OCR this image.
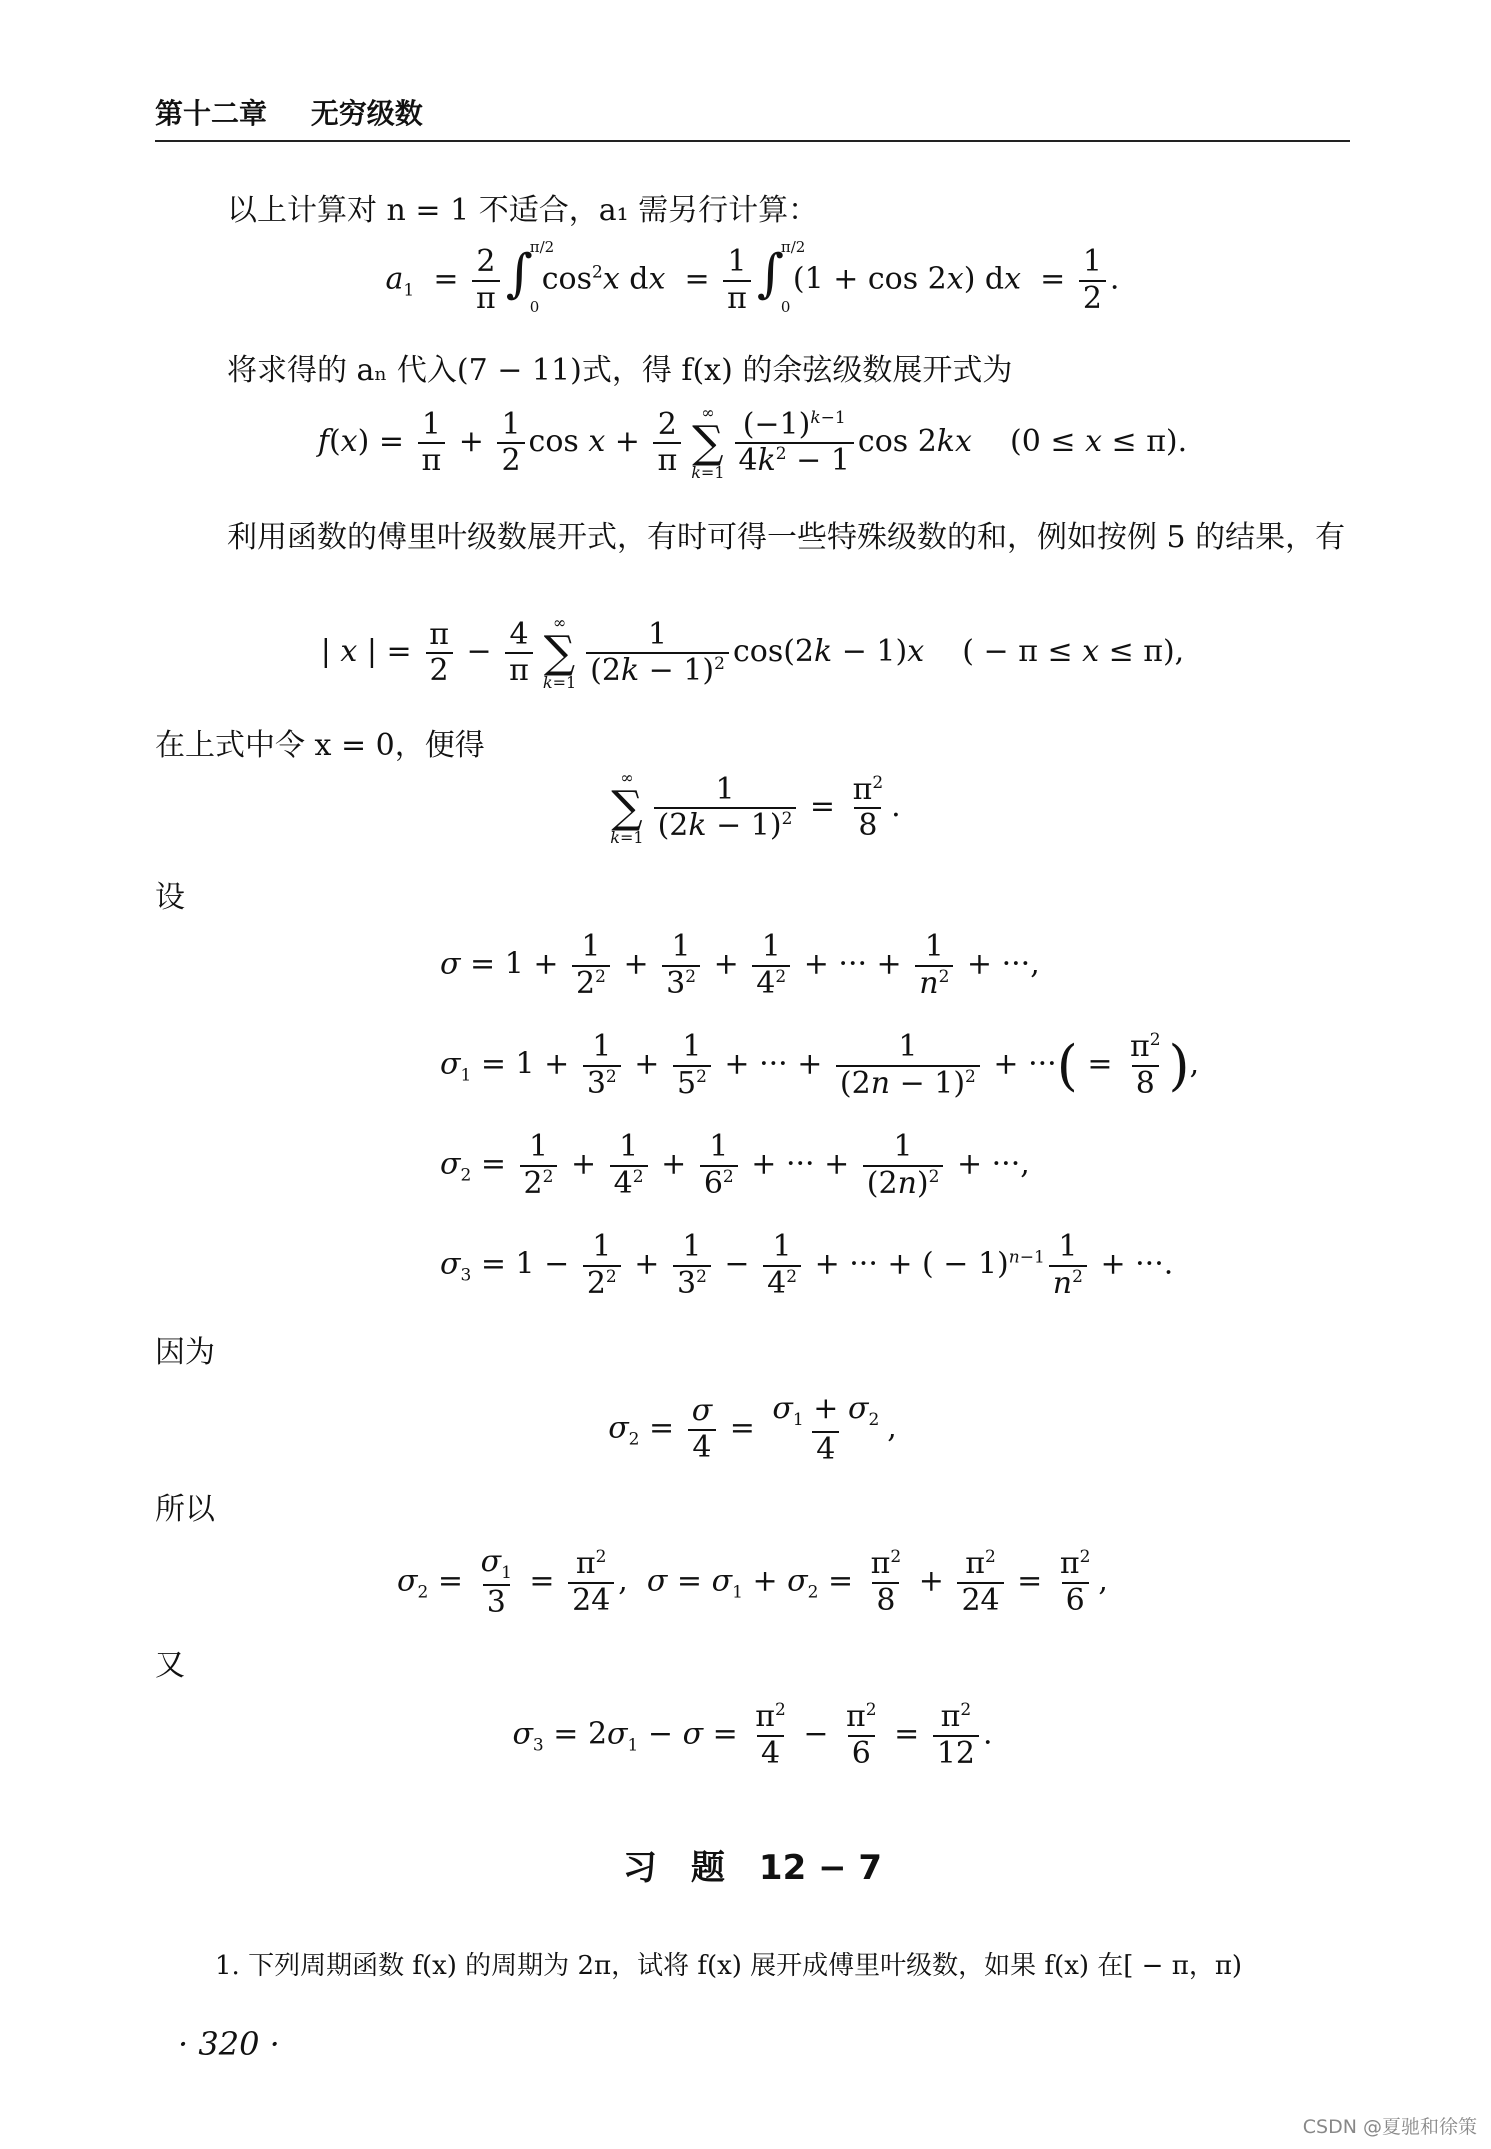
第十二章 无穷级数
以上计算对 n = 1 不适合，a₁ 需另行计算：
$a_1 = \frac{2}{\pi}$ ∫
π/2
0
$\cos^2x$ dx  = $\frac{1}{\pi}$ ∫
π/2
0
(1 + cos 2x) dx  = $\frac{1}{2}$ .
将求得的 aₙ 代入(7 − 11)式，得 f(x) 的余弦级数展开式为
$f(x) = \frac{1}{\pi} + \frac{1}{2}$ $\cos x + \frac{2}{\pi}$ ∞
∑
$k=1 \frac{(-1)^{k-1}}{4k^2 - 1}$ cos 2kx    (0 ≤ x ≤ π).
利用函数的傅里叶级数展开式，有时可得一些特殊级数的和，例如按例 5 的结果，有
| x | = $\frac{\pi}{2} - \frac{4}{\pi}$ ∞
∑
$k=1 \frac{1}{(2k - 1)^2} \cos(2k - 1)x$    ( − π ≤ x ≤ π),
在上式中令 x = 0，便得
∞
∑
$k=1 \frac{1}{(2k - 1)^2} = \frac{\pi^2}{8}$ .
设
$\sigma = 1 + \frac{1}{2^2} + \frac{1}{3^2} + \frac{1}{4^2}$ + ··· + $\frac{1}{n^2}$ + ···,
$\sigma_1 = 1 + \frac{1}{3^2} + \frac{1}{5^2}$ + ··· + $\frac{1}{(2n - 1)^2}$ + ···( = $\frac{\pi^2}{8}$ ),
$\sigma_2 = \frac{1}{2^2} + \frac{1}{4^2} + \frac{1}{6^2}$ + ··· + $\frac{1}{(2n)^2}$ + ···,
$\sigma_3 = 1 - \frac{1}{2^2} + \frac{1}{3^2} - \frac{1}{4^2}$ + ··· + ( − $1)^{n-1} \frac{1}{n^2}$ + ···.
因为
$\sigma_2 = \frac{\sigma}{4} = \frac{\sigma_1 + \sigma_2}{4}$ ,
所以
$\sigma_2 = \frac{\sigma_1}{3} = \frac{\pi^2}{24}$ ,  $\sigma = \sigma_1 + \sigma_2 = \frac{\pi^2}{8} + \frac{\pi^2}{24} = \frac{\pi^2}{6}$ ,
又
$\sigma_3 = 2\sigma_1 - \sigma = \frac{\pi^2}{4} - \frac{\pi^2}{6} = \frac{\pi^2}{12}$ .
习　题　12 − 7
1. 下列周期函数 f(x) 的周期为 2π，试将 f(x) 展开成傅里叶级数，如果 f(x) 在[ − π，π)
· 320 ·
CSDN @夏驰和徐策
